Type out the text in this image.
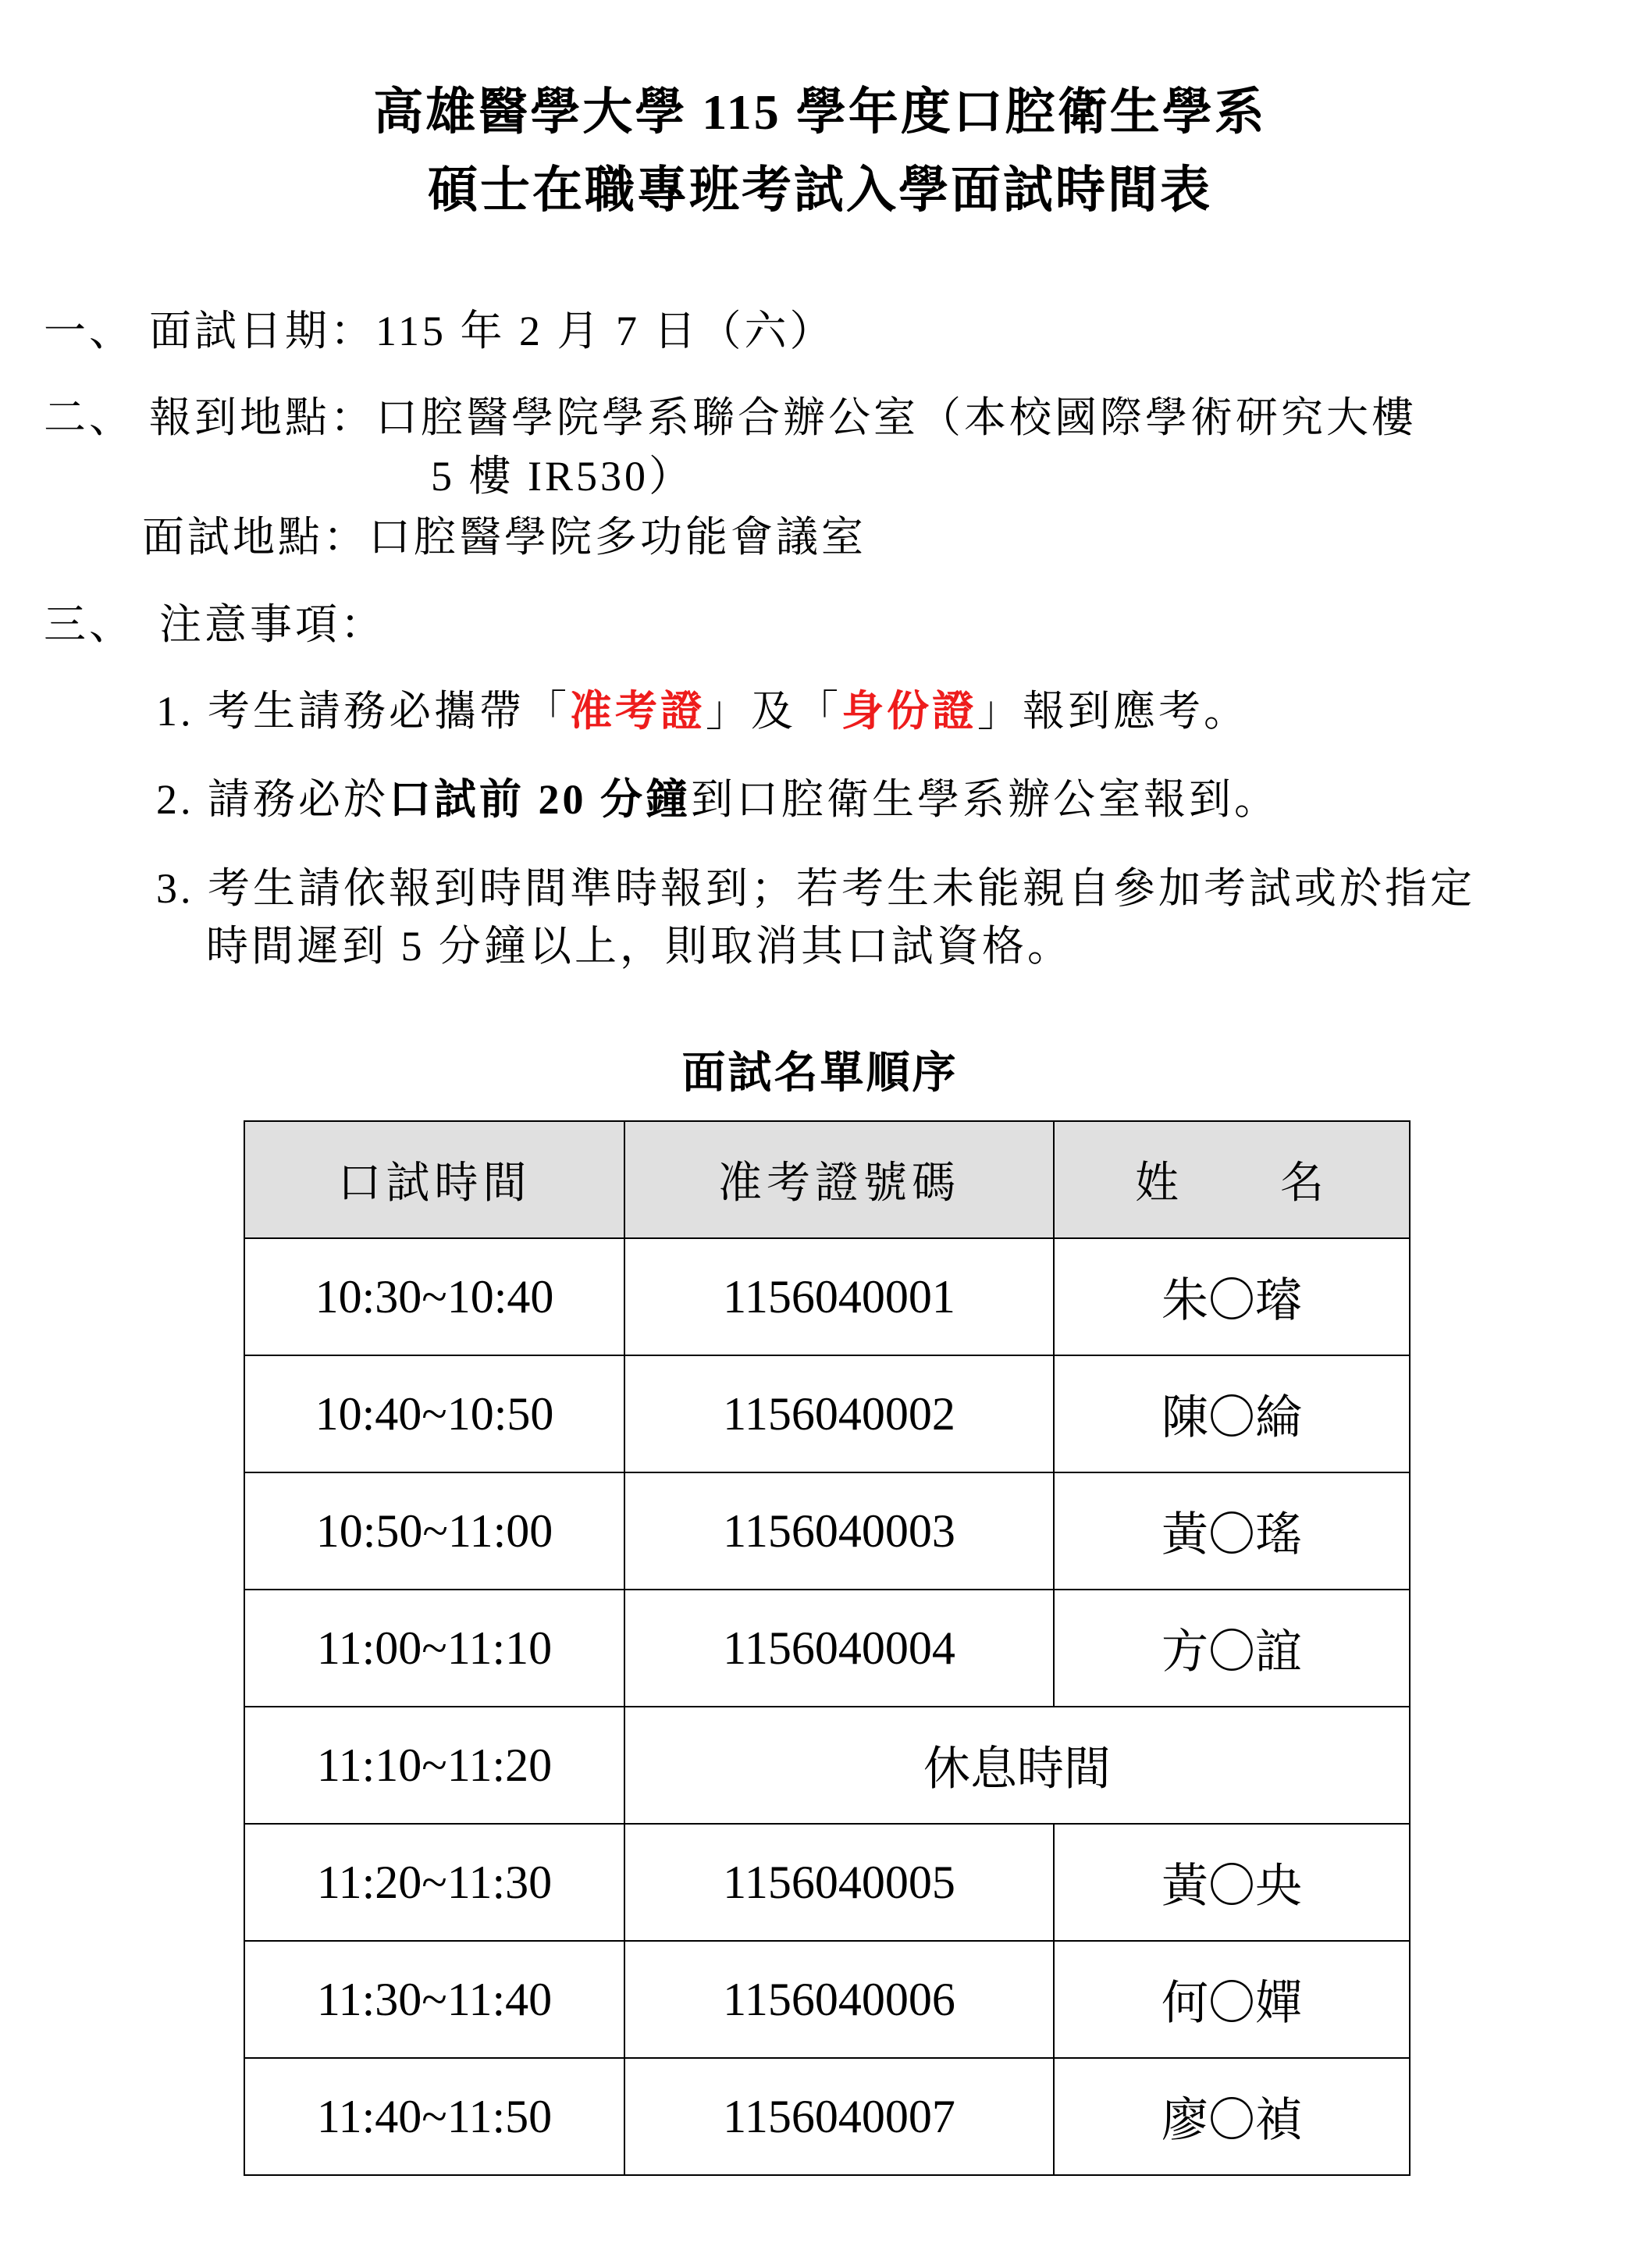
高雄醫學大學 115 學年度口腔衛生學系
碩士在職專班考試入學面試時間表
一、 面試日期：115 年 2 月 7 日（六）
二、 報到地點：口腔醫學院學系聯合辦公室（本校國際學術研究大樓
5 樓 IR530）
面試地點：口腔醫學院多功能會議室
三、 注意事項：
1. 考生請務必攜帶「准考證」及「身份證」報到應考。
2. 請務必於口試前 20 分鐘到口腔衛生學系辦公室報到。
3. 考生請依報到時間準時報到；若考生未能親自參加考試或於指定
時間遲到 5 分鐘以上，則取消其口試資格。
面試名單順序
口試時間	准考證號碼	姓　　名
10:30~10:40	1156040001	朱〇璿
10:40~10:50	1156040002	陳〇綸
10:50~11:00	1156040003	黃〇瑤
11:00~11:10	1156040004	方〇誼
11:10~11:20	休息時間	
11:20~11:30	1156040005	黃〇央
11:30~11:40	1156040006	何〇嬋
11:40~11:50	1156040007	廖〇禎
